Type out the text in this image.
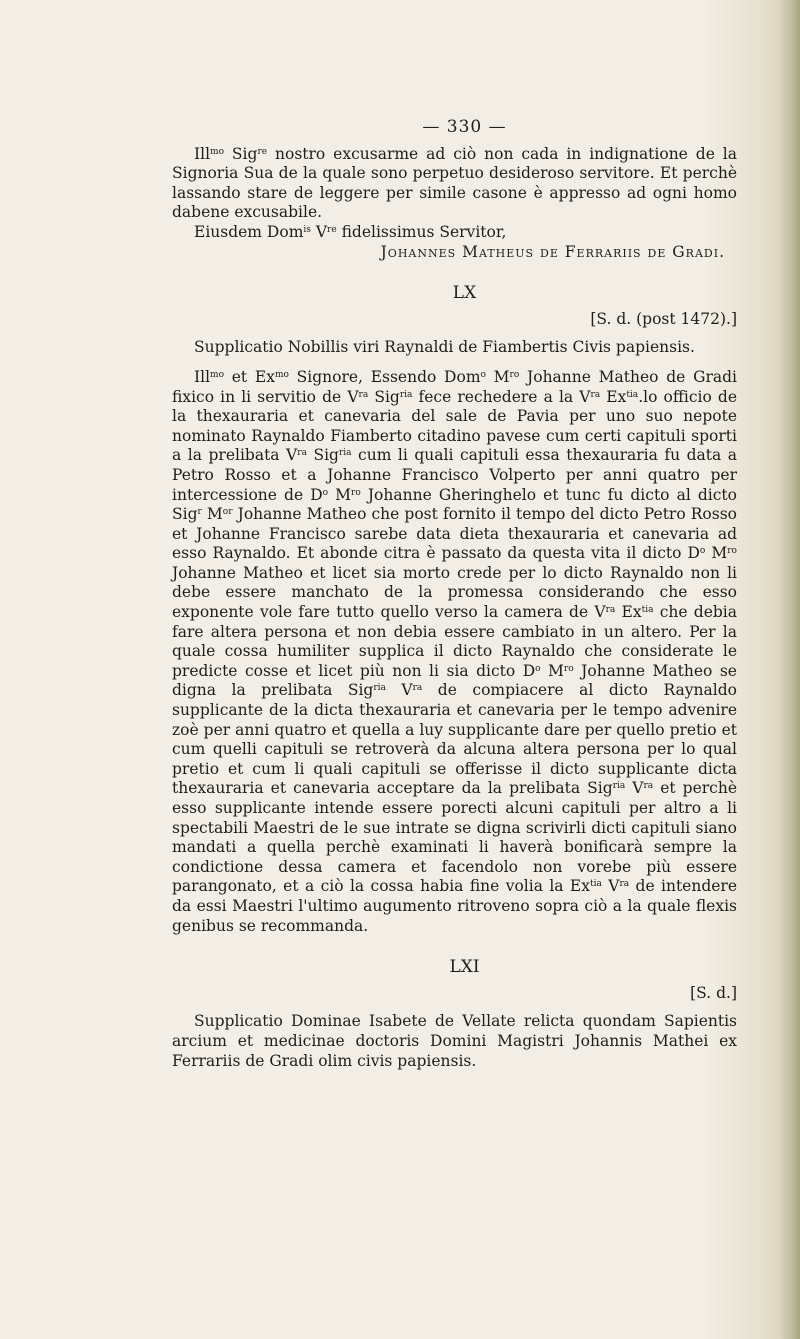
— 330 —

Ill$^{mo}$ Sig$^{re}$ nostro excusarme ad ciò non cada in indignatione de la Signoria Sua de la quale sono perpetuo desideroso servitore. Et perchè lassando stare de leggere per simile casone è appresso ad ogni homo dabene excusabile.

Eiusdem Dom$^{is}$ Vre fidelissimus Servitor,

Johannes Matheus de Ferrariis de Gradi.

LX

[S. d. (post 1472).]

Supplicatio Nobillis viri Raynaldi de Fiambertis Civis papiensis.

Ill$^{mo}$ et $Ex^{mo}$ Signore, Essendo Dom$^o$ $M^{ro}$ Johanne Matheo de Gradi fixico in li servitio de $V^{ra}$ Sig$^{ria}$ fece rechedere a la $V^{ra}$ $Ex^{tia}.lo$ officio de la thexauraria et canevaria del sale de Pavia per uno suo nepote nominato Raynaldo Fiamberto citadino pavese cum certi capituli sporti a la prelibata $V^{ra}$ Sig$^{ria}$ cum li quali capituli essa thexauraria fu data a Petro Rosso et a Johanne Francisco Volperto per anni quatro per intercessione de $D^o$ $M^{ro}$ Johanne Gheringhelo et tunc fu dicto al dicto Sig$^r$ $M^{or}$ Johanne Matheo che post fornito il tempo del dicto Petro Rosso et Johanne Francisco sarebe data dieta thexauraria et canevaria ad esso Raynaldo. Et abonde citra è passato da questa vita il dicto $D^o$ $M^{ro}$ Johanne Matheo et licet sia morto crede per lo dicto Raynaldo non li debe essere manchato de la promessa considerando che esso exponente vole fare tutto quello verso la camera de $V^{ra}$ $Ex^{tia}$ che debia fare altera persona et non debia essere cambiato in un altero. Per la quale cossa humiliter supplica il dicto Raynaldo che considerate le predicte cosse et licet più non li sia dicto $D^o$ $M^{ro}$ Johanne Matheo se digna la prelibata Sig$^{ria}$ $V^{ra}$ de compiacere al dicto Raynaldo supplicante de la dicta thexauraria et canevaria per le tempo advenire zoè per anni quatro et quella a luy supplicante dare per quello pretio et cum quelli capituli se retroverà da alcuna altera persona per lo qual pretio et cum li quali capituli se offerisse il dicto supplicante dicta thexauraria et canevaria acceptare da la prelibata Sig$^{ria}$ $V^{ra}$ et perchè esso supplicante intende essere porecti alcuni capituli per altro a li spectabili Maestri de le sue intrate se digna scrivirli dicti capituli siano mandati a quella perchè examinati li haverà bonificarà sempre la condictione dessa camera et facendolo non vorebe più essere parangonato, et a ciò la cossa habia fine volia la $Ex^{tia}$ $V^{ra}$ de intendere da essi Maestri l'ultimo augumento ritroveno sopra ciò a la quale flexis genibus se recommanda.

LXI

[S. d.]

Supplicatio Dominae Isabete de Vellate relicta quondam Sapientis arcium et medicinae doctoris Domini Magistri Johannis Mathei ex Ferrariis de Gradi olim civis papiensis.
